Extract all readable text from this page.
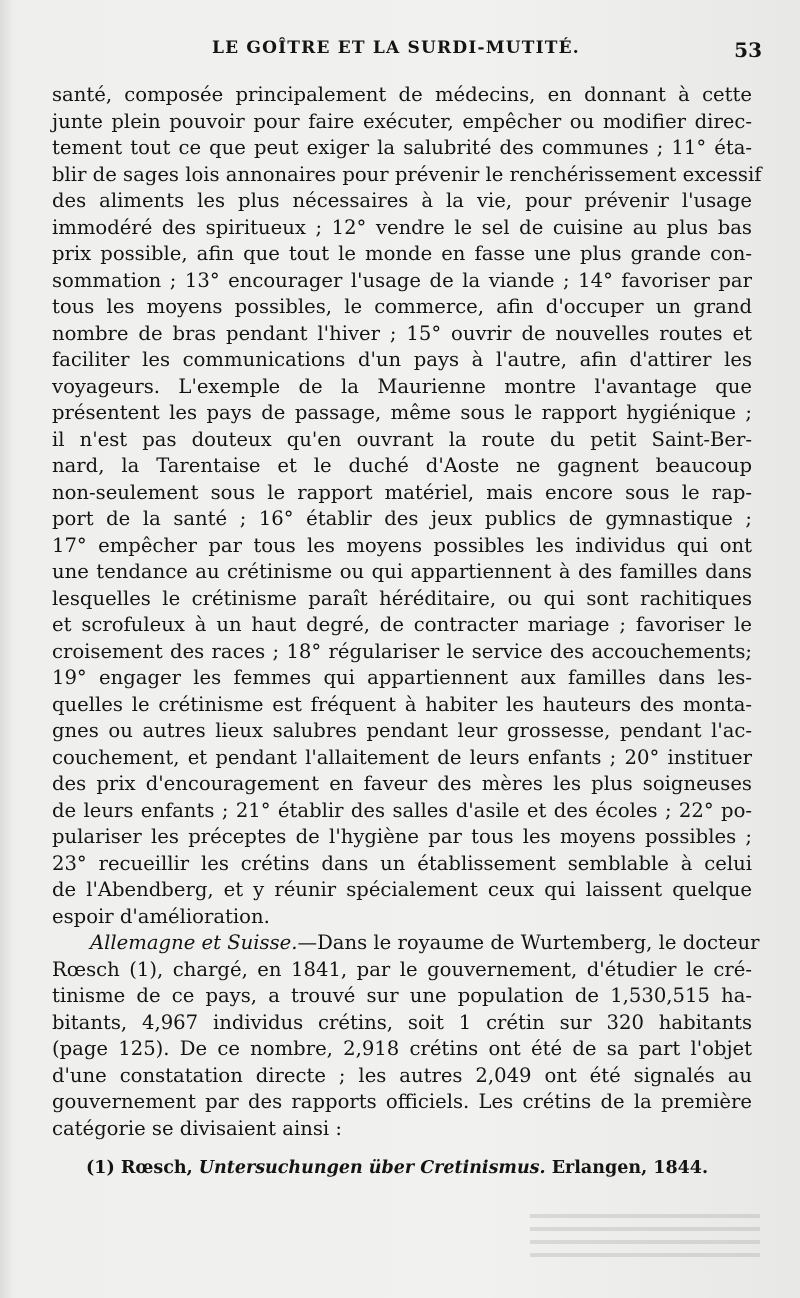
LE GOÎTRE ET LA SURDI-MUTITÉ.	53
santé, composée principalement de médecins, en donnant à cette
junte plein pouvoir pour faire exécuter, empêcher ou modifier direc-
tement tout ce que peut exiger la salubrité des communes ; 11° éta-
blir de sages lois annonaires pour prévenir le renchérissement excessif
des aliments les plus nécessaires à la vie, pour prévenir l'usage
immodéré des spiritueux ; 12° vendre le sel de cuisine au plus bas
prix possible, afin que tout le monde en fasse une plus grande con-
sommation ; 13° encourager l'usage de la viande ; 14° favoriser par
tous les moyens possibles, le commerce, afin d'occuper un grand
nombre de bras pendant l'hiver ; 15° ouvrir de nouvelles routes et
faciliter les communications d'un pays à l'autre, afin d'attirer les
voyageurs. L'exemple de la Maurienne montre l'avantage que
présentent les pays de passage, même sous le rapport hygiénique ;
il n'est pas douteux qu'en ouvrant la route du petit Saint-Ber-
nard, la Tarentaise et le duché d'Aoste ne gagnent beaucoup
non-seulement sous le rapport matériel, mais encore sous le rap-
port de la santé ; 16° établir des jeux publics de gymnastique ;
17° empêcher par tous les moyens possibles les individus qui ont
une tendance au crétinisme ou qui appartiennent à des familles dans
lesquelles le crétinisme paraît héréditaire, ou qui sont rachitiques
et scrofuleux à un haut degré, de contracter mariage ; favoriser le
croisement des races ; 18° régulariser le service des accouchements;
19° engager les femmes qui appartiennent aux familles dans les-
quelles le crétinisme est fréquent à habiter les hauteurs des monta-
gnes ou autres lieux salubres pendant leur grossesse, pendant l'ac-
couchement, et pendant l'allaitement de leurs enfants ; 20° instituer
des prix d'encouragement en faveur des mères les plus soigneuses
de leurs enfants ; 21° établir des salles d'asile et des écoles ; 22° po-
pulariser les préceptes de l'hygiène par tous les moyens possibles ;
23° recueillir les crétins dans un établissement semblable à celui
de l'Abendberg, et y réunir spécialement ceux qui laissent quelque
espoir d'amélioration.
Allemagne et Suisse.—Dans le royaume de Wurtemberg, le docteur
Rœsch (1), chargé, en 1841, par le gouvernement, d'étudier le cré-
tinisme de ce pays, a trouvé sur une population de 1,530,515 ha-
bitants, 4,967 individus crétins, soit 1 crétin sur 320 habitants
(page 125). De ce nombre, 2,918 crétins ont été de sa part l'objet
d'une constatation directe ; les autres 2,049 ont été signalés au
gouvernement par des rapports officiels. Les crétins de la première
catégorie se divisaient ainsi :
(1) Rœsch, Untersuchungen über Cretinismus. Erlangen, 1844.
